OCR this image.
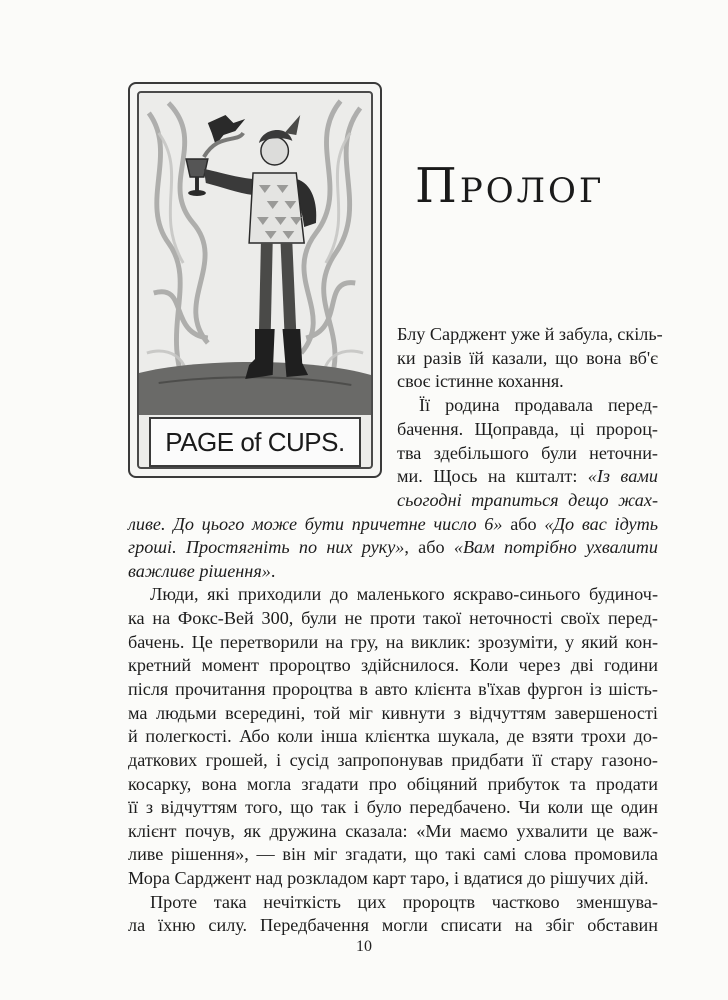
PAGE of CUPS.
Пролог
Блу Сарджент уже й забула, скіль-
ки разів їй казали, що вона вб'є
своє істинне кохання.
Її родина продавала перед-
бачення. Щоправда, ці пророц-
тва здебільшого були неточни-
ми. Щось на кшталт: «Із вами
сьогодні трапиться дещо жах-
ливе. До цього може бути причетне число 6» або «До вас ідуть
гроші. Простягніть по них руку», або «Вам потрібно ухвалити
важливе рішення».
Люди, які приходили до маленького яскраво-синього будиноч-
ка на Фокс-Вей 300, були не проти такої неточності своїх перед-
бачень. Це перетворили на гру, на виклик: зрозуміти, у який кон-
кретний момент пророцтво здійснилося. Коли через дві години
після прочитання пророцтва в авто клієнта в'їхав фургон із шість-
ма людьми всередині, той міг кивнути з відчуттям завершеності
й полегкості. Або коли інша клієнтка шукала, де взяти трохи до-
даткових грошей, і сусід запропонував придбати її стару газоно-
косарку, вона могла згадати про обіцяний прибуток та продати
її з відчуттям того, що так і було передбачено. Чи коли ще один
клієнт почув, як дружина сказала: «Ми маємо ухвалити це важ-
ливе рішення», — він міг згадати, що такі самі слова промовила
Мора Сарджент над розкладом карт таро, і вдатися до рішучих дій.
Проте така нечіткість цих пророцтв частково зменшува-
ла їхню силу. Передбачення могли списати на збіг обставин
10
